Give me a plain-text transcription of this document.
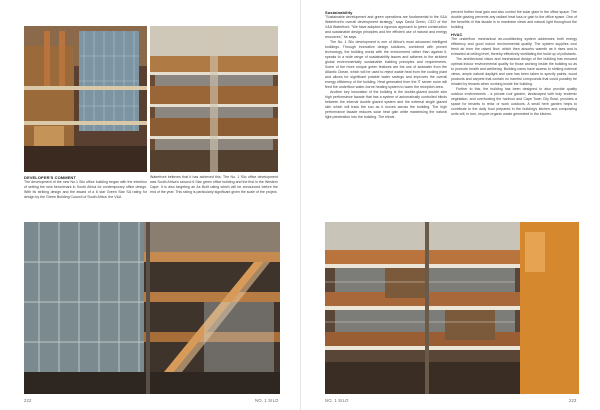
DEVELOPER'S COMMENT

The development of the new No.1 Silo office building began with the intention of setting the new benchmark in South Africa for contemporary office design. With its striking design and the award of a 6 star Green Star SA rating for design by the Green Building Council of South Africa, the V&A

Waterfront believes that it has achieved this. The No. 1 Silo office development was South Africa's second 6 Star green office building and the first in the Western Cape. It is also targeting an As Built rating which will be announced before the end of the year. This rating is particularly significant given the scale of the project.

222	NO. 1 SILO
Sustainability

"Sustainable development and green operations are fundamental to the V&A Waterfront's overall development strategy," says David Green, CEO of the V&A Waterfront. "We have adopted a rigorous approach to green construction and sustainable design principles and the efficient use of natural and energy resources," he says.

The No. 1 Silo development is one of Africa's most advanced intelligent buildings. Through innovative design solutions, combined with proven technology, the building works with the environment rather than against it, speaks to a wide range of sustainability issues and adheres to the strictest global environmentally sustainable building principles and requirements. Some of the more unique green features are the use of seawater from the Atlantic Ocean, which will be used to reject waste heat from the cooling plant and allows for significant potable water savings and improves the overall energy efficiency of the building. Heat generated from the IT server room will feed the underfloor water-borne heating system to warm the reception area.

Another key innovation of the building is the double-glazed double skin high performance facade that has a system of automatically controlled blinds between the internal double glazed system and the external single glazed skin which will track the sun as it moves across the building. The high performance facade reduces solar heat gain while maximising the natural light penetration into the building. The blinds

prevent further heat gain and also control the solar glare in the office space. The double glazing prevents any radiant heat loss or gain to the office space. One of the benefits of this facade is to maximise views and natural light throughout the building.

HVAC

The underfloor mechanical air-conditioning system addresses both energy efficiency and good indoor environmental quality. The system supplies cool fresh air from the raised floor, which then absorbs warmth as it rises and is extracted at ceiling level, thereby effectively ventilating the build up of pollutants.

The architectural vision and mechanical design of the building has ensured optimal indoor environmental quality for those working inside the building so as to promote health and wellbeing. Building users have access to striking external views, ample natural daylight and care has been taken to specify paints, wood products and carpets that contain no harmful compounds that could possibly be inhaled by tenants when working inside the building.

Further to this, the building has been designed to also provide quality outdoor environments - a private roof garden, landscaped with indy endemic vegetation, and overlooking the harbour and Cape Town City Bowl, provides a space for tenants to relax or work outdoors. A small herb garden helps to contribute to the daily food prepared in the building's kitchen and composting units will, in turn, recycle organic waste generated in the kitchen.

NO. 1 SILO	223
